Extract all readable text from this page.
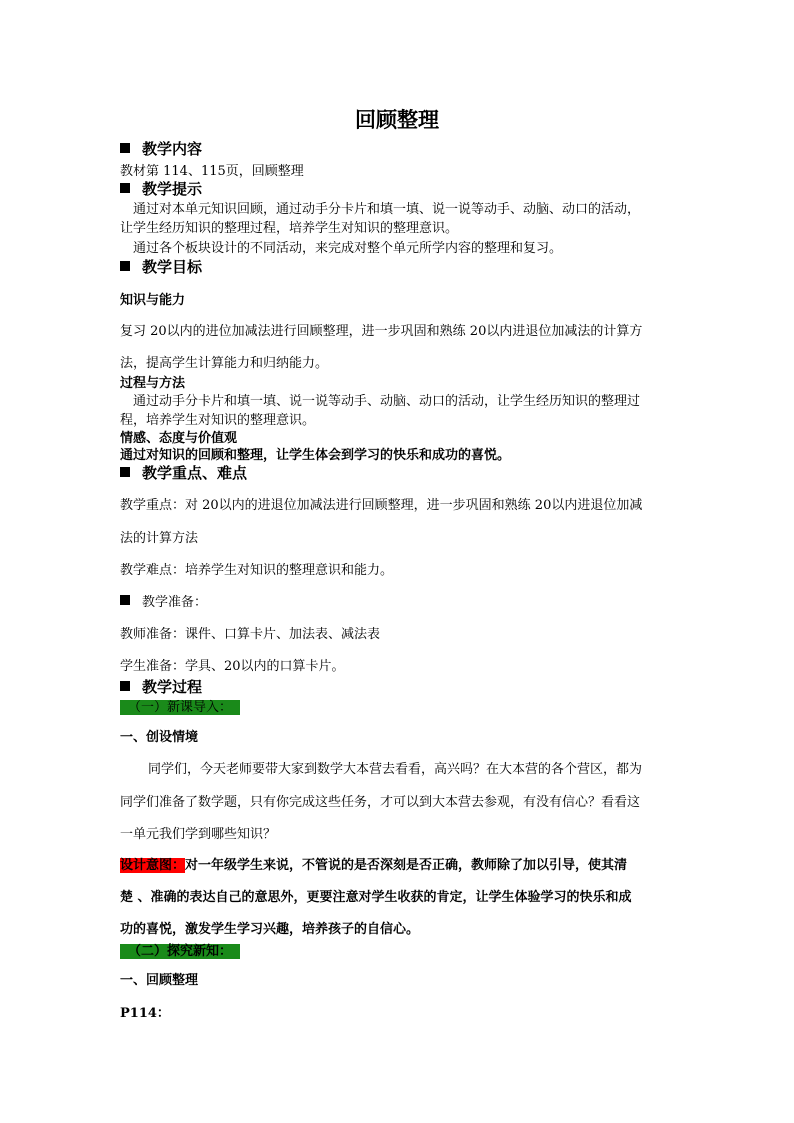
回顾整理
教学内容
教材第 114、115页，回顾整理
教学提示
通过对本单元知识回顾，通过动手分卡片和填一填、说一说等动手、动脑、动口的活动，
让学生经历知识的整理过程，培养学生对知识的整理意识。
通过各个板块设计的不同活动，来完成对整个单元所学内容的整理和复习。
教学目标
知识与能力
复习 20以内的进位加减法进行回顾整理，进一步巩固和熟练 20以内进退位加减法的计算方
法，提高学生计算能力和归纳能力。
过程与方法
通过动手分卡片和填一填、说一说等动手、动脑、动口的活动，让学生经历知识的整理过
程，培养学生对知识的整理意识。
情感、态度与价值观
通过对知识的回顾和整理，让学生体会到学习的快乐和成功的喜悦。
教学重点、难点
教学重点：对 20以内的进退位加减法进行回顾整理，进一步巩固和熟练 20以内进退位加减
法的计算方法
教学难点：培养学生对知识的整理意识和能力。
教学准备：
教师准备：课件、口算卡片、加法表、减法表
学生准备：学具、20以内的口算卡片。
教学过程
（一）新课导入：
一、创设情境
同学们，今天老师要带大家到数学大本营去看看，高兴吗？在大本营的各个营区，都为
同学们准备了数学题，只有你完成这些任务，才可以到大本营去参观，有没有信心？看看这
一单元我们学到哪些知识？
设计意图：对一年级学生来说，不管说的是否深刻是否正确，教师除了加以引导，使其清
楚 、准确的表达自己的意思外，更要注意对学生收获的肯定，让学生体验学习的快乐和成
功的喜悦，激发学生学习兴趣，培养孩子的自信心。
（二）探究新知：
一、回顾整理
P114：
